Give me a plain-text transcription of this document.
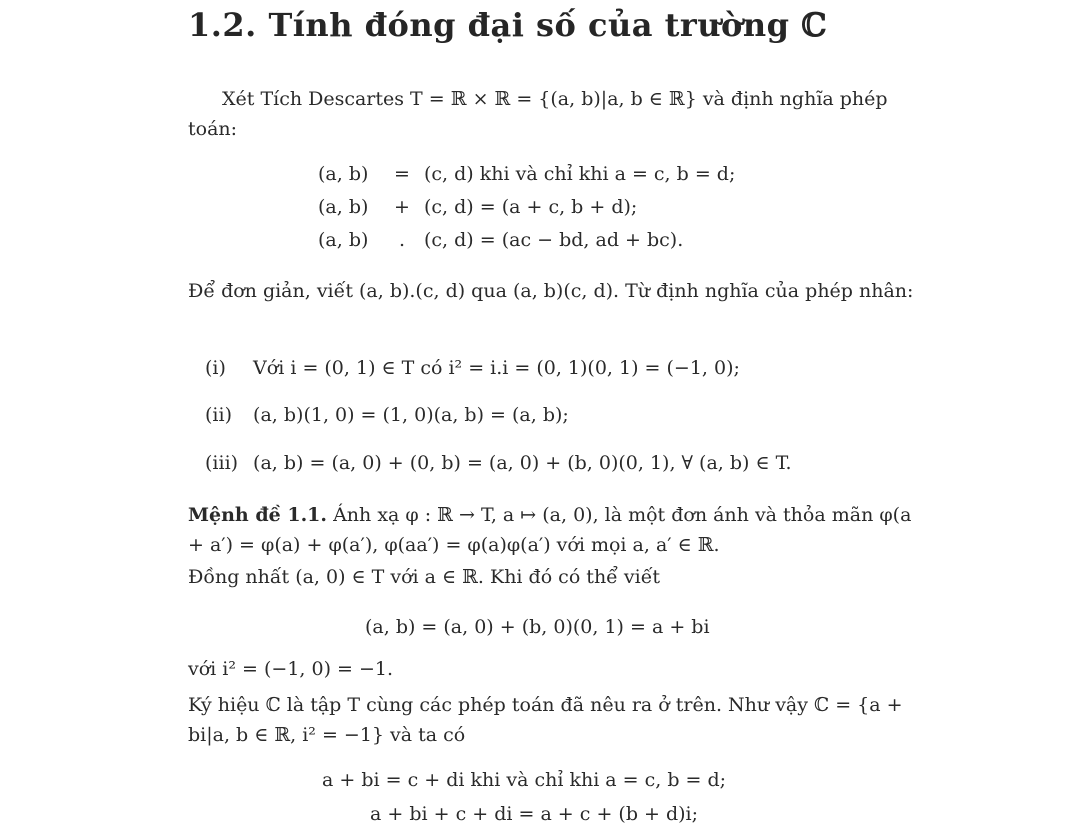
1.2. Tính đóng đại số của trường ℂ
Xét Tích Descartes T = ℝ × ℝ = {(a, b)|a, b ∈ ℝ} và định nghĩa phép toán:
(a, b)	= (c, d) khi và chỉ khi a = c, b = d;
(a, b)	+ (c, d) = (a + c, b + d);
(a, b)	. (c, d) = (ac − bd, ad + bc).
Để đơn giản, viết (a, b).(c, d) qua (a, b)(c, d). Từ định nghĩa của phép nhân:
(i) Với i = (0, 1) ∈ T có i² = i.i = (0, 1)(0, 1) = (−1, 0);
(ii) (a, b)(1, 0) = (1, 0)(a, b) = (a, b);
(iii) (a, b) = (a, 0) + (0, b) = (a, 0) + (b, 0)(0, 1), ∀ (a, b) ∈ T.
Mệnh đề 1.1. Ánh xạ φ : ℝ → T, a ↦ (a, 0), là một đơn ánh và thỏa mãn φ(a + a′) = φ(a) + φ(a′), φ(aa′) = φ(a)φ(a′) với mọi a, a′ ∈ ℝ.
Đồng nhất (a, 0) ∈ T với a ∈ ℝ. Khi đó có thể viết
(a, b) = (a, 0) + (b, 0)(0, 1) = a + bi
với i² = (−1, 0) = −1.
Ký hiệu ℂ là tập T cùng các phép toán đã nêu ra ở trên. Như vậy ℂ = {a + bi|a, b ∈ ℝ, i² = −1} và ta có
a + bi = c + di khi và chỉ khi a = c, b = d;
a + bi + c + di = a + c + (b + d)i;
